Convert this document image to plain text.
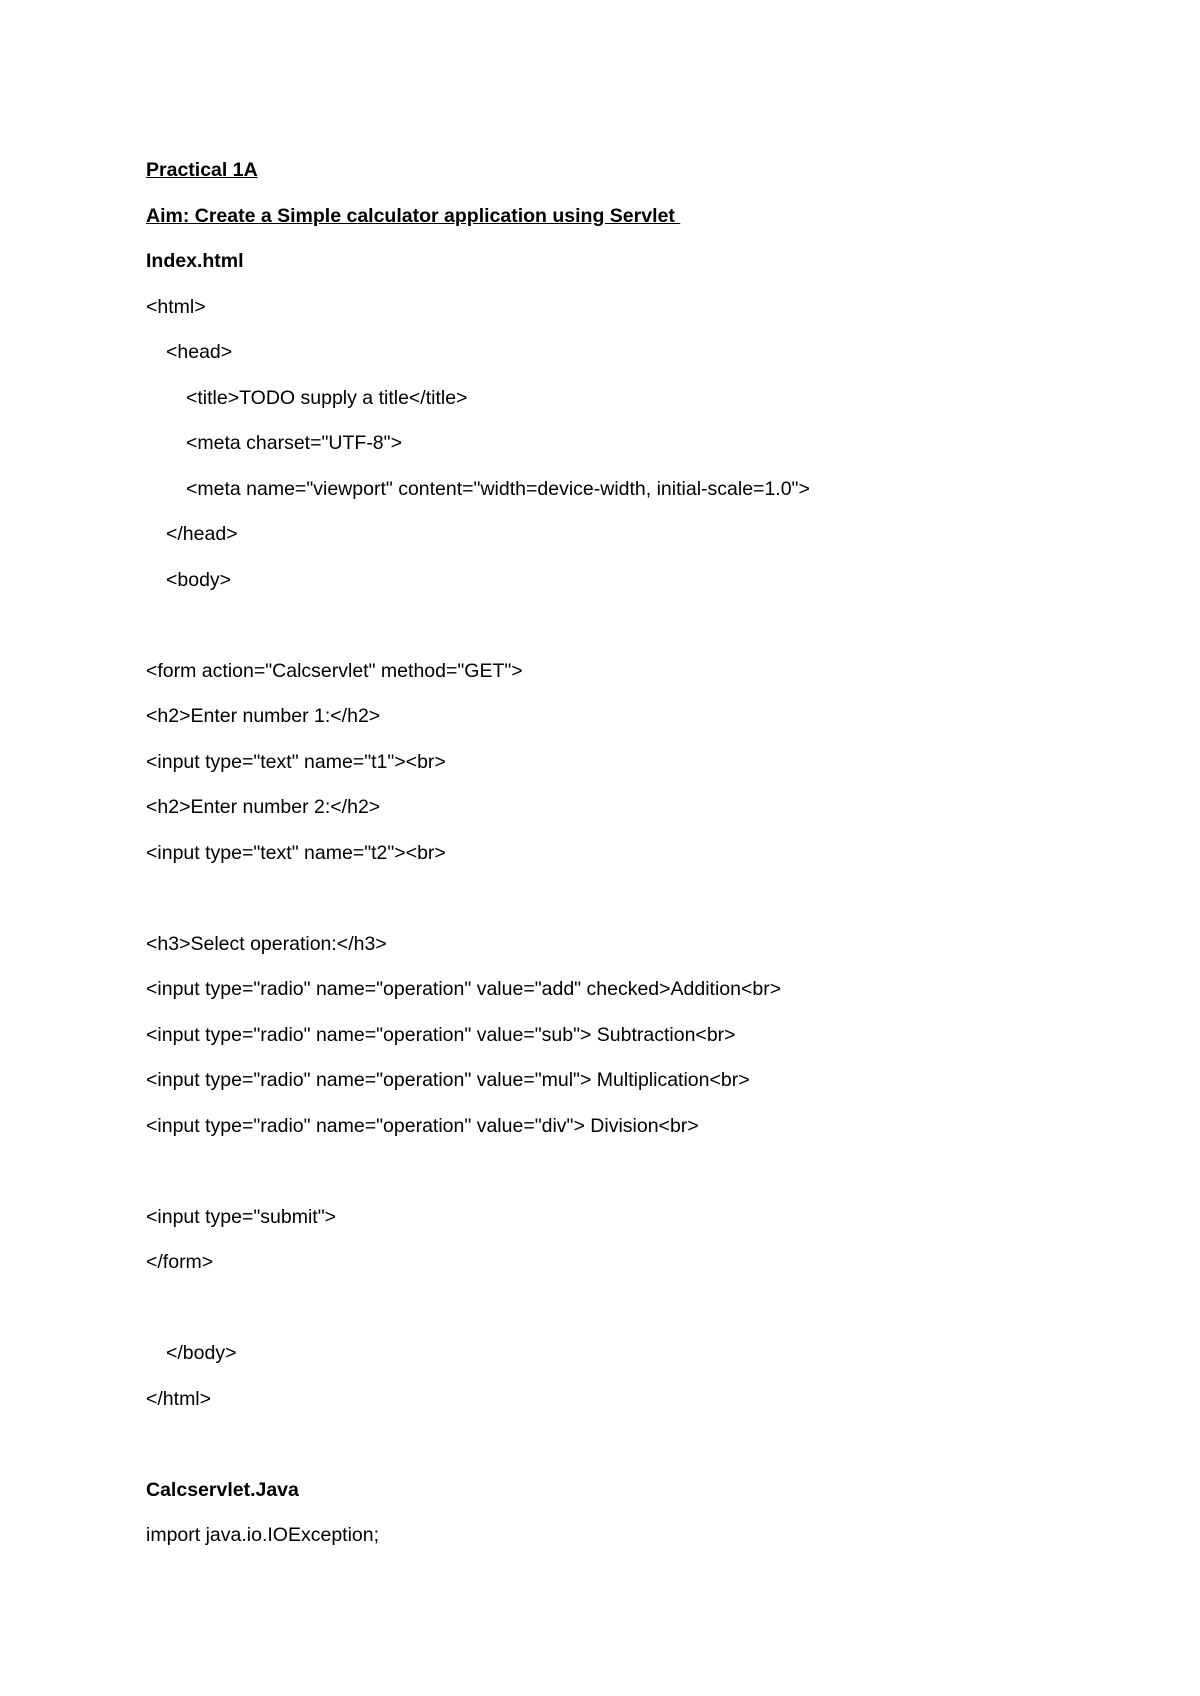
Practical 1A
Aim: Create a Simple calculator application using Servlet
Index.html
<html>
<head>
<title>TODO supply a title</title>
<meta charset="UTF-8">
<meta name="viewport" content="width=device-width, initial-scale=1.0">
</head>
<body>
<form action="Calcservlet" method="GET">
<h2>Enter number 1:</h2>
<input type="text" name="t1"><br>
<h2>Enter number 2:</h2>
<input type="text" name="t2"><br>
<h3>Select operation:</h3>
<input type="radio" name="operation" value="add" checked>Addition<br>
<input type="radio" name="operation" value="sub"> Subtraction<br>
<input type="radio" name="operation" value="mul"> Multiplication<br>
<input type="radio" name="operation" value="div"> Division<br>
<input type="submit">
</form>
</body>
</html>
Calcservlet.Java
import java.io.IOException;
